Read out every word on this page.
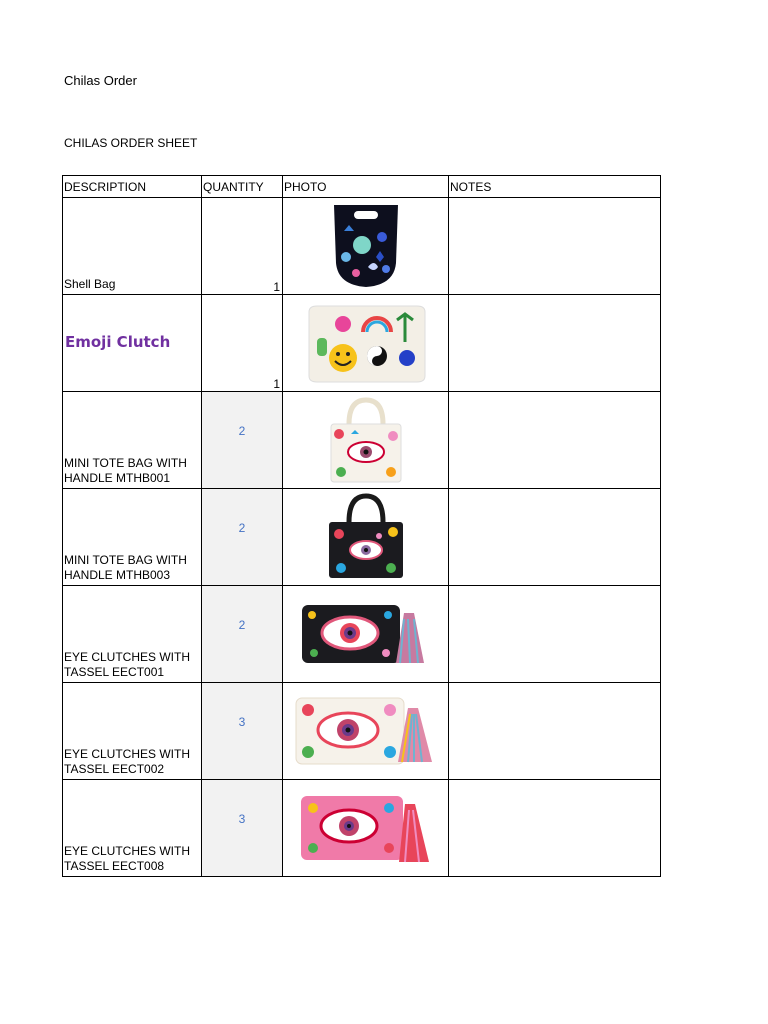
Chilas Order
CHILAS ORDER SHEET
DESCRIPTION	QUANTITY	PHOTO	NOTES
Shell Bag	1	

Emoji Clutch	1	

MINI TOTE BAG WITH HANDLE MTHB001	2	

MINI TOTE BAG WITH HANDLE MTHB003	2	

EYE CLUTCHES WITH TASSEL EECT001	2	

EYE CLUTCHES WITH TASSEL EECT002	3	

EYE CLUTCHES WITH TASSEL EECT008	3	
